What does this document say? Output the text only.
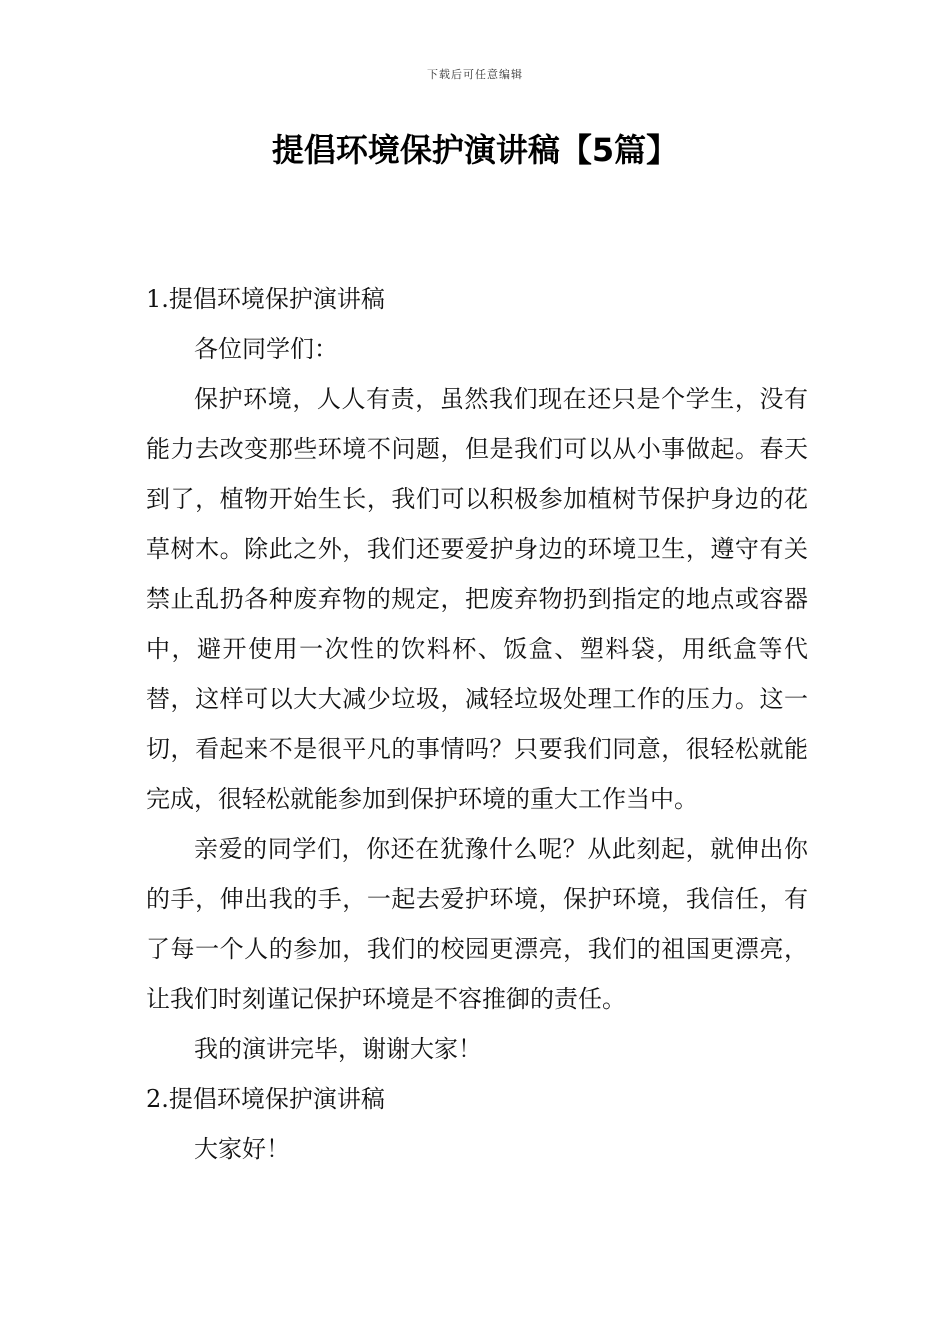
下载后可任意编辑
提倡环境保护演讲稿【5篇】

1.提倡环境保护演讲稿

各位同学们：

保护环境，人人有责，虽然我们现在还只是个学生，没有能力去改变那些环境不问题，但是我们可以从小事做起。春天到了，植物开始生长，我们可以积极参加植树节保护身边的花草树木。除此之外，我们还要爱护身边的环境卫生，遵守有关禁止乱扔各种废弃物的规定，把废弃物扔到指定的地点或容器中，避开使用一次性的饮料杯、饭盒、塑料袋，用纸盒等代替，这样可以大大减少垃圾，减轻垃圾处理工作的压力。这一切，看起来不是很平凡的事情吗？只要我们同意，很轻松就能完成，很轻松就能参加到保护环境的重大工作当中。

亲爱的同学们，你还在犹豫什么呢？从此刻起，就伸出你的手，伸出我的手，一起去爱护环境，保护环境，我信任，有了每一个人的参加，我们的校园更漂亮，我们的祖国更漂亮，让我们时刻谨记保护环境是不容推御的责任。

我的演讲完毕，谢谢大家！

2.提倡环境保护演讲稿

大家好！
